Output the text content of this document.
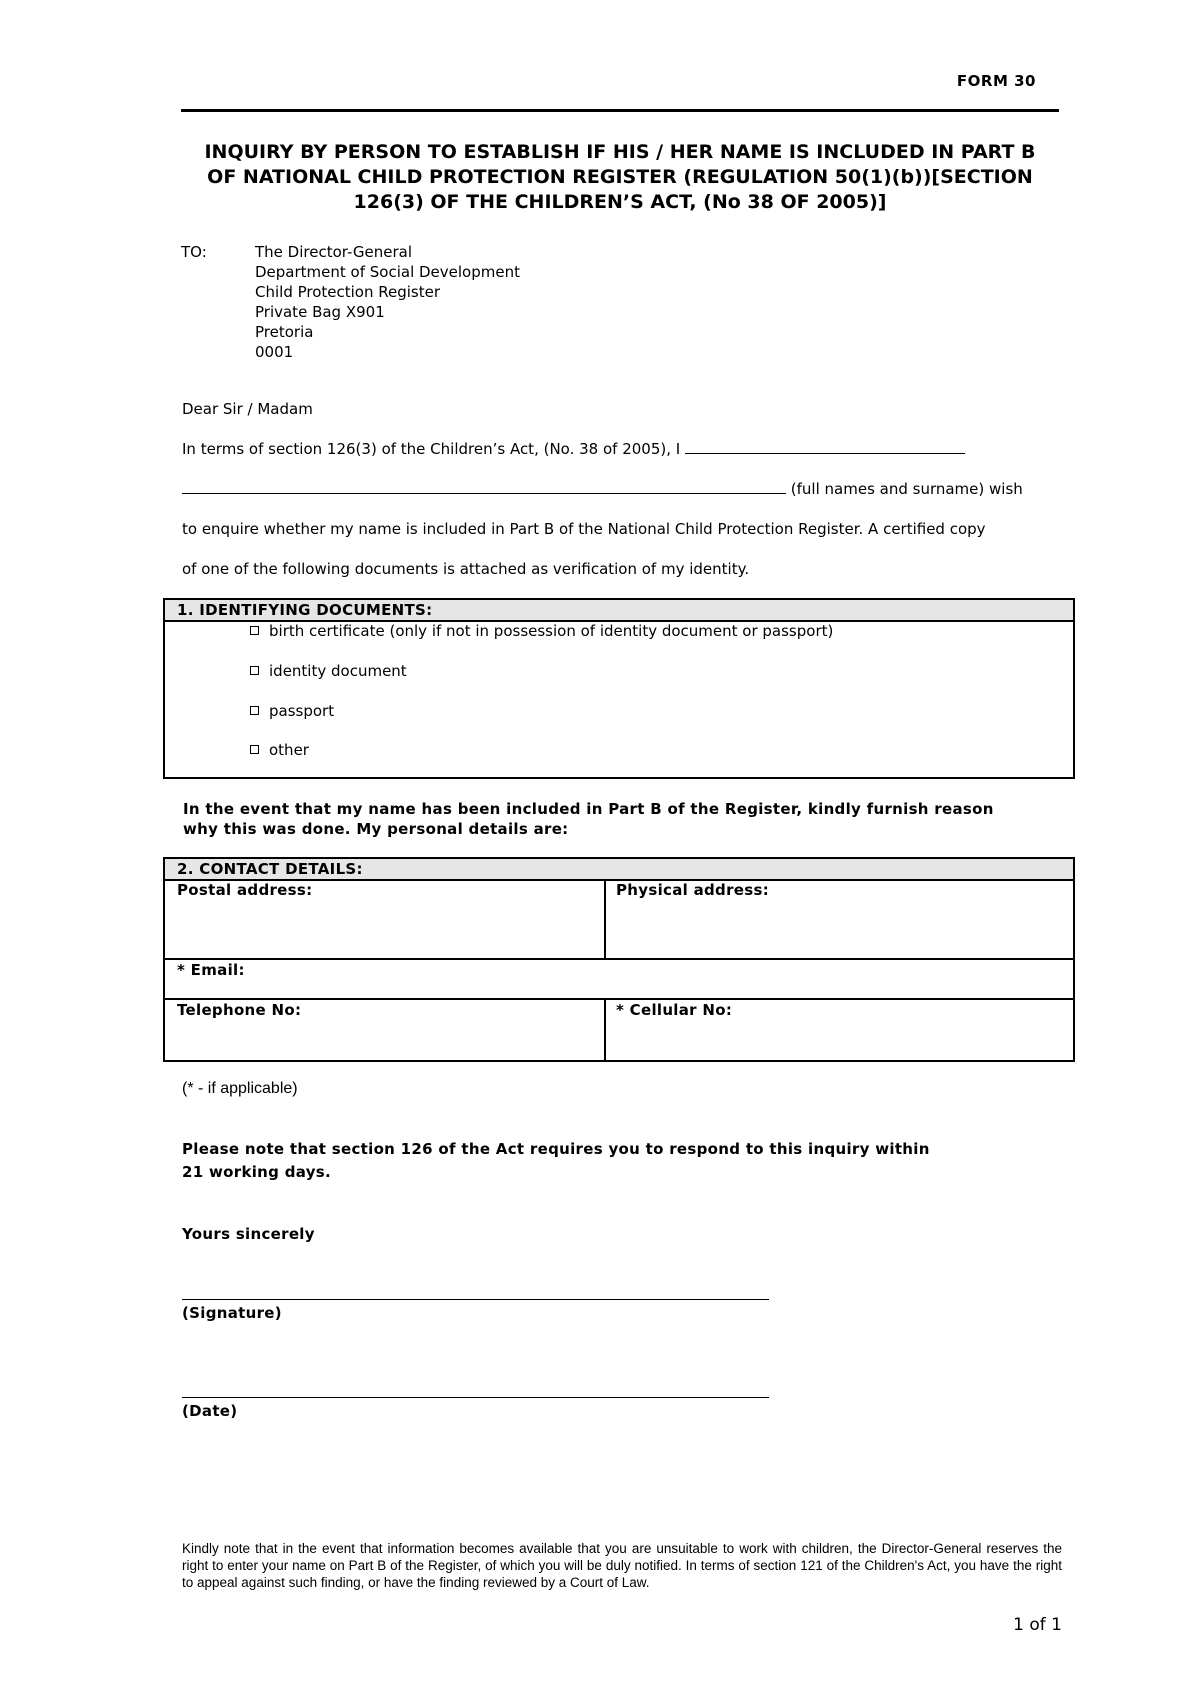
FORM 30
INQUIRY BY PERSON TO ESTABLISH IF HIS / HER NAME IS INCLUDED IN PART B OF NATIONAL CHILD PROTECTION REGISTER (REGULATION 50(1)(b))[SECTION 126(3) OF THE CHILDREN’S ACT, (No 38 OF 2005)]
TO:	The Director-General
Department of Social Development
Child Protection Register
Private Bag X901
Pretoria
0001
Dear Sir / Madam
In terms of section 126(3) of the Children’s Act, (No. 38 of 2005), I
(full names and surname) wish
to enquire whether my name is included in Part B of the National Child Protection Register. A certified copy
of one of the following documents is attached as verification of my identity.
1. IDENTIFYING DOCUMENTS:
birth certificate (only if not in possession of identity document or passport)
identity document
passport
other
In the event that my name has been included in Part B of the Register, kindly furnish reason
why this was done. My personal details are:
2. CONTACT DETAILS:
Postal address:	Physical address:
* Email:
Telephone No:	* Cellular No:
(* - if applicable)
Please note that section 126 of the Act requires you to respond to this inquiry within
21 working days.
Yours sincerely
(Signature)
(Date)
Kindly note that in the event that information becomes available that you are unsuitable to work with children, the Director-General reserves the right to enter your name on Part B of the Register, of which you will be duly notified. In terms of section 121 of the Children's Act, you have the right to appeal against such finding, or have the finding reviewed by a Court of Law.
1 of 1
